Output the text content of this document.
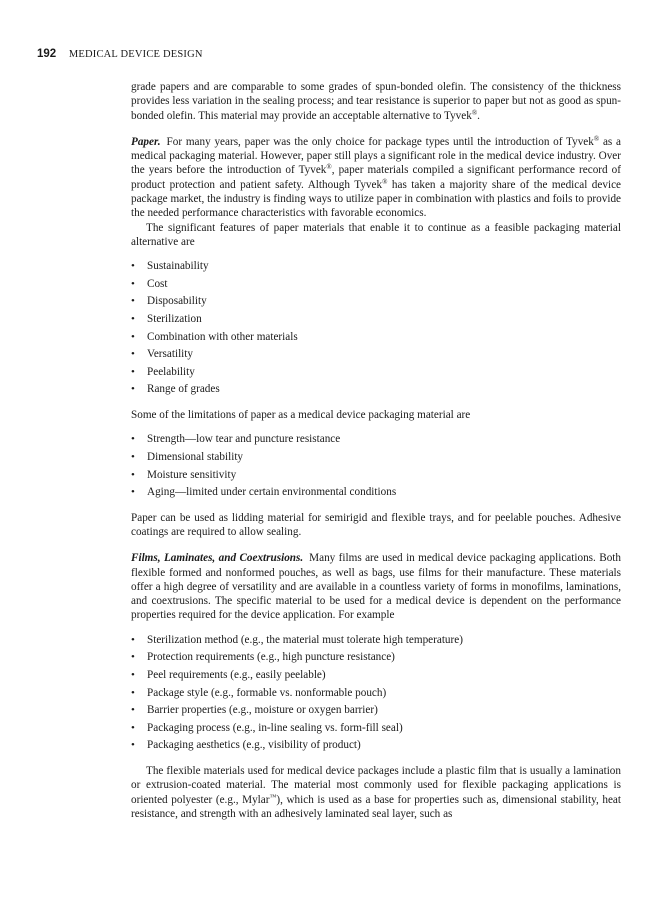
192 MEDICAL DEVICE DESIGN

grade papers and are comparable to some grades of spun-bonded olefin. The consistency of the thickness provides less variation in the sealing process; and tear resistance is superior to paper but not as good as spun-bonded olefin. This material may provide an acceptable alternative to Tyvek®.

Paper. For many years, paper was the only choice for package types until the introduction of Tyvek® as a medical packaging material. However, paper still plays a significant role in the medical device industry. Over the years before the introduction of Tyvek®, paper materials compiled a significant performance record of product protection and patient safety. Although Tyvek® has taken a majority share of the medical device package market, the industry is finding ways to utilize paper in combination with plastics and foils to provide the needed performance characteristics with favorable economics.

The significant features of paper materials that enable it to continue as a feasible packaging material alternative are

• Sustainability
• Cost
• Disposability
• Sterilization
• Combination with other materials
• Versatility
• Peelability
• Range of grades

Some of the limitations of paper as a medical device packaging material are

• Strength—low tear and puncture resistance
• Dimensional stability
• Moisture sensitivity
• Aging—limited under certain environmental conditions

Paper can be used as lidding material for semirigid and flexible trays, and for peelable pouches. Adhesive coatings are required to allow sealing.

Films, Laminates, and Coextrusions. Many films are used in medical device packaging applications. Both flexible formed and nonformed pouches, as well as bags, use films for their manufacture. These materials offer a high degree of versatility and are available in a countless variety of forms in monofilms, laminations, and coextrusions. The specific material to be used for a medical device is dependent on the performance properties required for the device application. For example

• Sterilization method (e.g., the material must tolerate high temperature)
• Protection requirements (e.g., high puncture resistance)
• Peel requirements (e.g., easily peelable)
• Package style (e.g., formable vs. nonformable pouch)
• Barrier properties (e.g., moisture or oxygen barrier)
• Packaging process (e.g., in-line sealing vs. form-fill seal)
• Packaging aesthetics (e.g., visibility of product)

The flexible materials used for medical device packages include a plastic film that is usually a lamination or extrusion-coated material. The material most commonly used for flexible packaging applications is oriented polyester (e.g., Mylar™), which is used as a base for properties such as, dimensional stability, heat resistance, and strength with an adhesively laminated seal layer, such as
